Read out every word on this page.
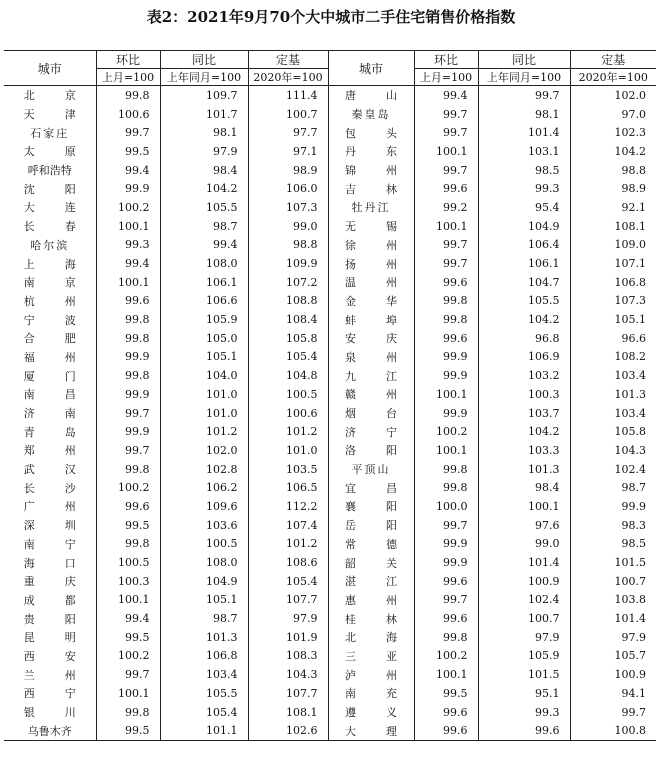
表2：2021年9月70个大中城市二手住宅销售价格指数
城市	环比	同比	定基	城市	环比	同比	定基
	上月=100	上年同月=100	2020年=100		上月=100	上年同月=100	2020年=100
北 京	99.8	109.7	111.4	唐 山	99.4	99.7	102.0
天 津	100.6	101.7	100.7	秦皇岛	99.7	98.1	97.0
石家庄	99.7	98.1	97.7	包 头	99.7	101.4	102.3
太 原	99.5	97.9	97.1	丹 东	100.1	103.1	104.2
呼和浩特	99.4	98.4	98.9	锦 州	99.7	98.5	98.8
沈 阳	99.9	104.2	106.0	吉 林	99.6	99.3	98.9
大 连	100.2	105.5	107.3	牡丹江	99.2	95.4	92.1
长 春	100.1	98.7	99.0	无 锡	100.1	104.9	108.1
哈尔滨	99.3	99.4	98.8	徐 州	99.7	106.4	109.0
上 海	99.4	108.0	109.9	扬 州	99.7	106.1	107.1
南 京	100.1	106.1	107.2	温 州	99.6	104.7	106.8
杭 州	99.6	106.6	108.8	金 华	99.8	105.5	107.3
宁 波	99.8	105.9	108.4	蚌 埠	99.8	104.2	105.1
合 肥	99.8	105.0	105.8	安 庆	99.6	96.8	96.6
福 州	99.9	105.1	105.4	泉 州	99.9	106.9	108.2
厦 门	99.8	104.0	104.8	九 江	99.9	103.2	103.4
南 昌	99.9	101.0	100.5	赣 州	100.1	100.3	101.3
济 南	99.7	101.0	100.6	烟 台	99.9	103.7	103.4
青 岛	99.9	101.2	101.2	济 宁	100.2	104.2	105.8
郑 州	99.7	102.0	101.0	洛 阳	100.1	103.3	104.3
武 汉	99.8	102.8	103.5	平顶山	99.8	101.3	102.4
长 沙	100.2	106.2	106.5	宜 昌	99.8	98.4	98.7
广 州	99.6	109.6	112.2	襄 阳	100.0	100.1	99.9
深 圳	99.5	103.6	107.4	岳 阳	99.7	97.6	98.3
南 宁	99.8	100.5	101.2	常 德	99.9	99.0	98.5
海 口	100.5	108.0	108.6	韶 关	99.9	101.4	101.5
重 庆	100.3	104.9	105.4	湛 江	99.6	100.9	100.7
成 都	100.1	105.1	107.7	惠 州	99.7	102.4	103.8
贵 阳	99.4	98.7	97.9	桂 林	99.6	100.7	101.4
昆 明	99.5	101.3	101.9	北 海	99.8	97.9	97.9
西 安	100.2	106.8	108.3	三 亚	100.2	105.9	105.7
兰 州	99.7	103.4	104.3	泸 州	100.1	101.5	100.9
西 宁	100.1	105.5	107.7	南 充	99.5	95.1	94.1
银 川	99.8	105.4	108.1	遵 义	99.6	99.3	99.7
乌鲁木齐	99.5	101.1	102.6	大 理	99.6	99.6	100.8
